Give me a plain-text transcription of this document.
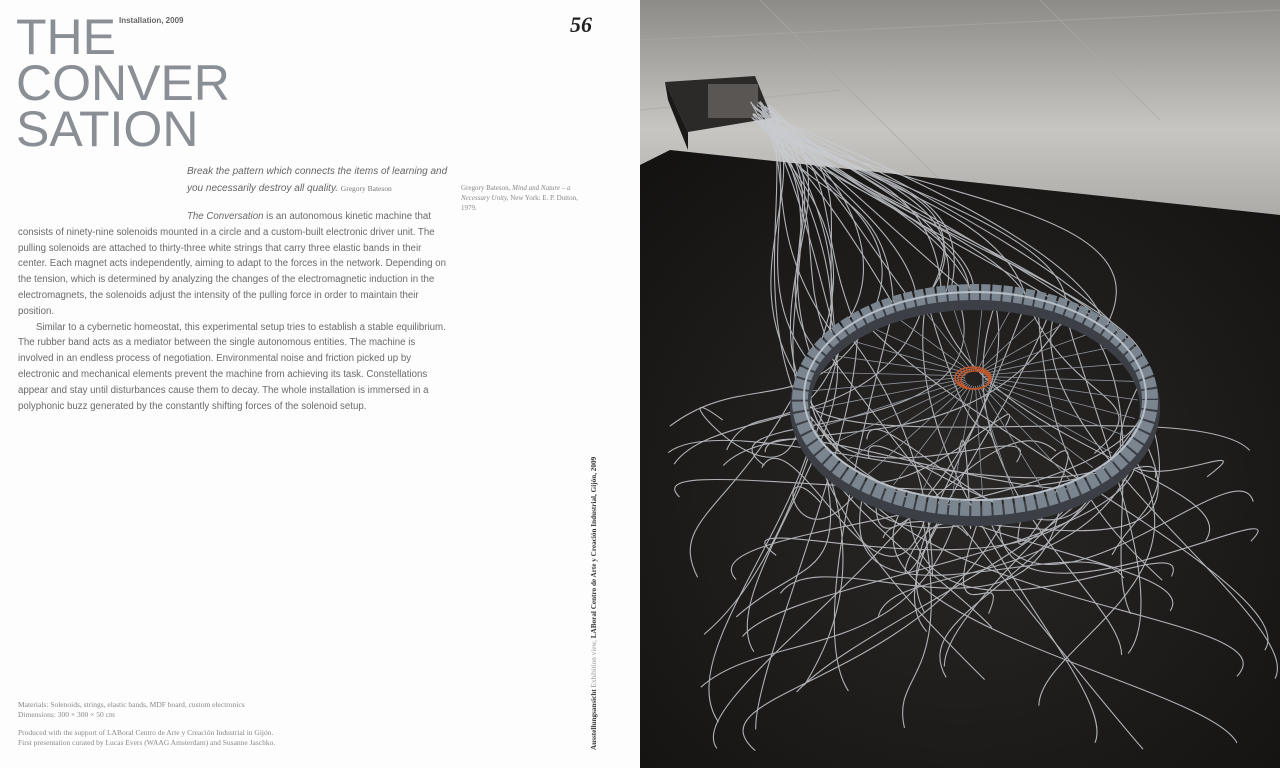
THE
CONVER
SATION
Installation, 2009	56
Break the pattern which connects the items of learning and you necessarily destroy all quality. Gregory Bateson	Gregory Bateson, Mind and Nature – a Necessary Unity, New York: E. P. Dutton, 1979.

The Conversation is an autonomous kinetic machine that consists of ninety-nine solenoids mounted in a circle and a custom-built electronic driver unit. The pulling solenoids are attached to thirty-three white strings that carry three elastic bands in their center. Each magnet acts independently, aiming to adapt to the forces in the network. Depending on the tension, which is determined by analyzing the changes of the electromagnetic induction in the electromagnets, the solenoids adjust the intensity of the pulling force in order to maintain their position.

Similar to a cybernetic homeostat, this experimental setup tries to establish a stable equilibrium. The rubber band acts as a mediator between the single autonomous entities. The machine is involved in an endless process of negotiation. Environmental noise and friction picked up by electronic and mechanical elements prevent the machine from achieving its task. Constellations appear and stay until disturbances cause them to decay. The whole installation is immersed in a polyphonic buzz generated by the constantly shifting forces of the solenoid setup.

Materials: Solenoids, strings, elastic bands, MDF board, custom electronics
Dimensions: 300 × 300 × 50 cm

Produced with the support of LABoral Centro de Arte y Creación Industrial in Gijón.
First presentation curated by Lucas Evers (WAAG Amsterdam) and Susanne Jaschko.	Ausstellungsansicht Exhibition view, LABoral Centro de Arte y Creación Industrial, Gijón, 2009
